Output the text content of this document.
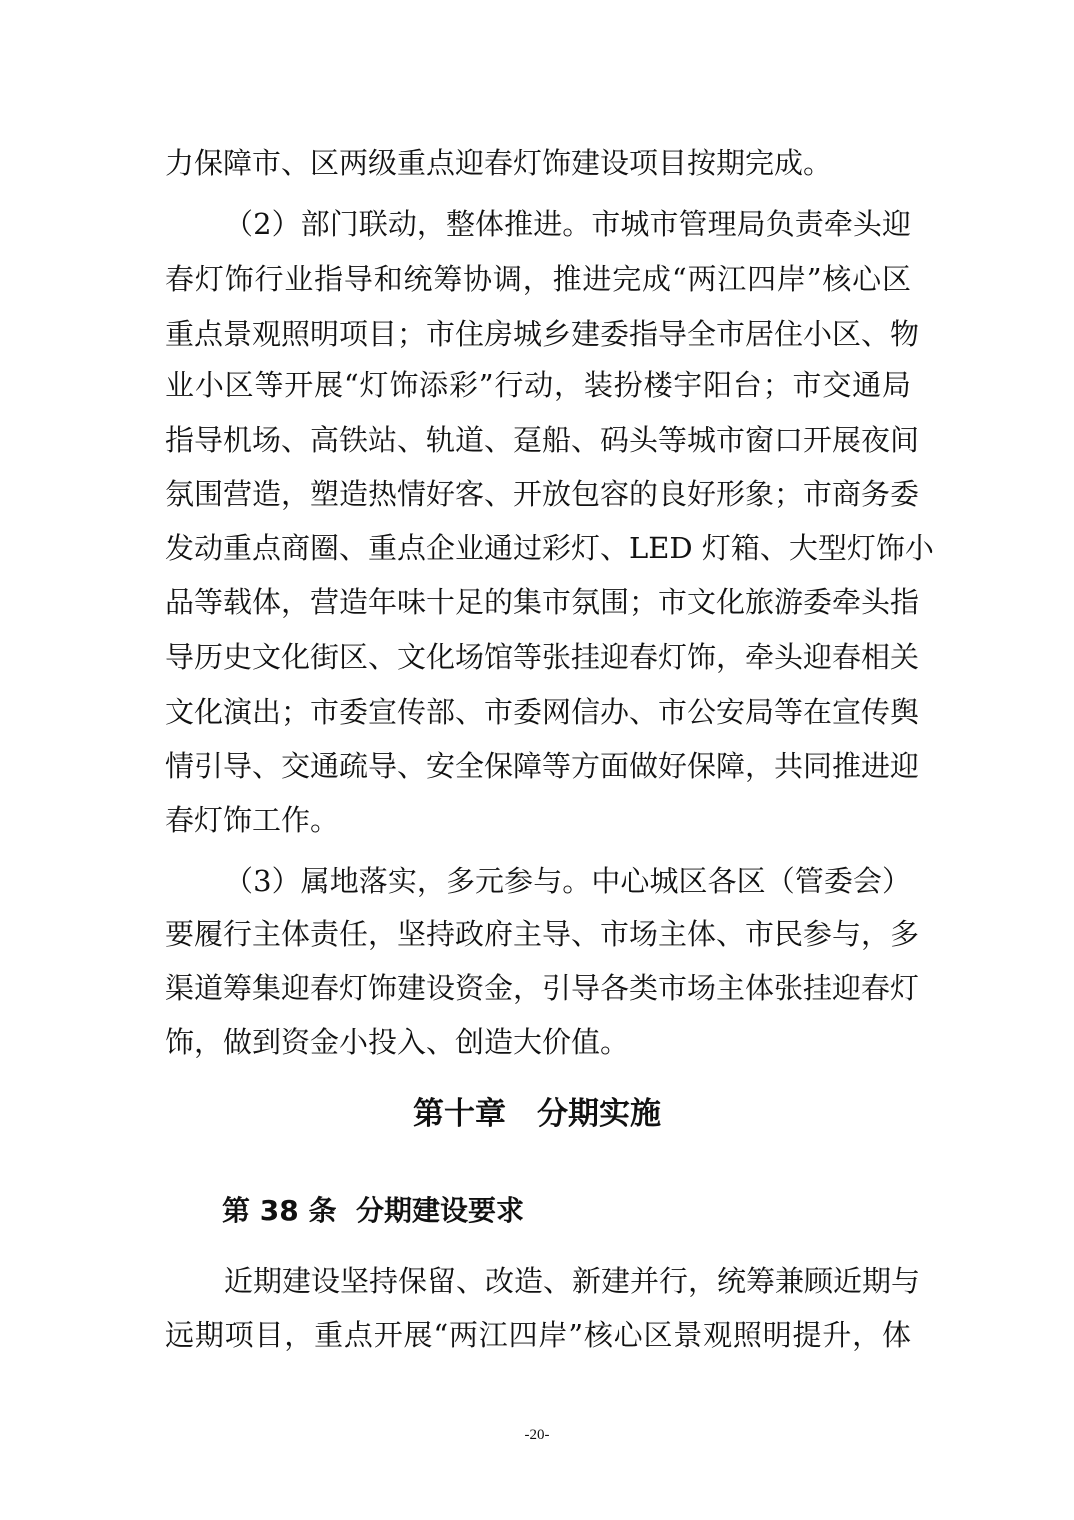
力保障市、区两级重点迎春灯饰建设项目按期完成。
（2）部门联动，整体推进。市城市管理局负责牵头迎
春灯饰行业指导和统筹协调，推进完成“两江四岸”核心区
重点景观照明项目；市住房城乡建委指导全市居住小区、物
业小区等开展“灯饰添彩”行动，装扮楼宇阳台；市交通局
指导机场、高铁站、轨道、趸船、码头等城市窗口开展夜间
氛围营造，塑造热情好客、开放包容的良好形象；市商务委
发动重点商圈、重点企业通过彩灯、LED 灯箱、大型灯饰小
品等载体，营造年味十足的集市氛围；市文化旅游委牵头指
导历史文化街区、文化场馆等张挂迎春灯饰，牵头迎春相关
文化演出；市委宣传部、市委网信办、市公安局等在宣传舆
情引导、交通疏导、安全保障等方面做好保障，共同推进迎
春灯饰工作。
（3）属地落实，多元参与。中心城区各区（管委会）
要履行主体责任，坚持政府主导、市场主体、市民参与，多
渠道筹集迎春灯饰建设资金，引导各类市场主体张挂迎春灯
饰，做到资金小投入、创造大价值。
第十章　分期实施
第 38 条  分期建设要求
近期建设坚持保留、改造、新建并行，统筹兼顾近期与
远期项目，重点开展“两江四岸”核心区景观照明提升，体
-20-
